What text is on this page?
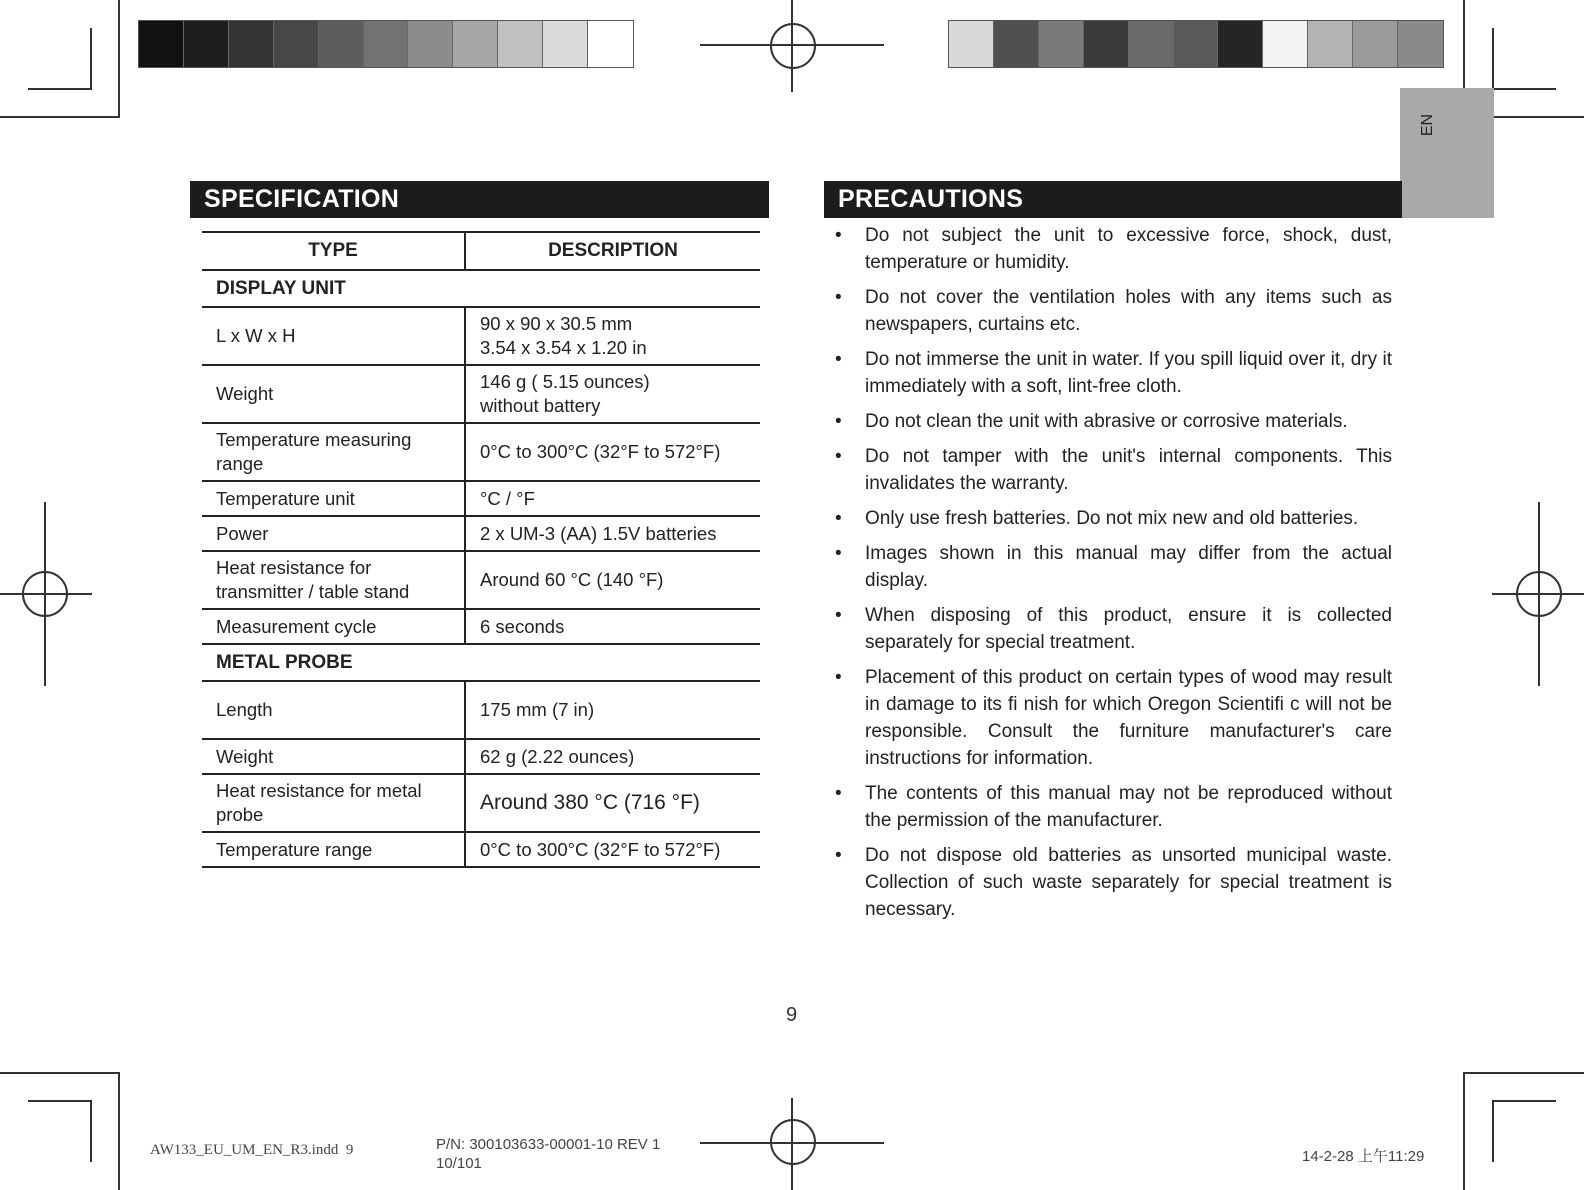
EN
SPECIFICATION
TYPE	DESCRIPTION
DISPLAY UNIT	
L x W x H	90 x 90 x 30.5 mm
3.54 x 3.54 x 1.20 in

Weight	146 g ( 5.15 ounces)
without battery

Temperature measuring range	0°C to 300°C (32°F to 572°F)
Temperature unit	°C / °F
Power	2 x UM-3 (AA) 1.5V batteries
Heat resistance for transmitter / table stand	Around 60 °C (140 °F)
Measurement cycle	6 seconds
METAL PROBE	
Length	175 mm (7 in)
Weight	62 g (2.22 ounces)
Heat resistance for metal probe	Around 380 °C (716 °F)
Temperature range	0°C to 300°C (32°F to 572°F)
PRECAUTIONS
• Do not subject the unit to excessive force, shock, dust, temperature or humidity.
• Do not cover the ventilation holes with any items such as newspapers, curtains etc.
• Do not immerse the unit in water. If you spill liquid over it, dry it immediately with a soft, lint-free cloth.
• Do not clean the unit with abrasive or corrosive materials.
• Do not tamper with the unit's internal components. This invalidates the warranty.
• Only use fresh batteries. Do not mix new and old batteries.
• Images shown in this manual may differ from the actual display.
• When disposing of this product, ensure it is collected separately for special treatment.
• Placement of this product on certain types of wood may result in damage to its fi nish for which Oregon Scientifi c will not be responsible. Consult the furniture manufacturer's care instructions for information.
• The contents of this manual may not be reproduced without the permission of the manufacturer.
• Do not dispose old batteries as unsorted municipal waste. Collection of such waste separately for special treatment is necessary.
9
AW133_EU_UM_EN_R3.indd 9	P/N: 300103633-00001-10 REV 1
10/101	14-2-28 上午11:29
